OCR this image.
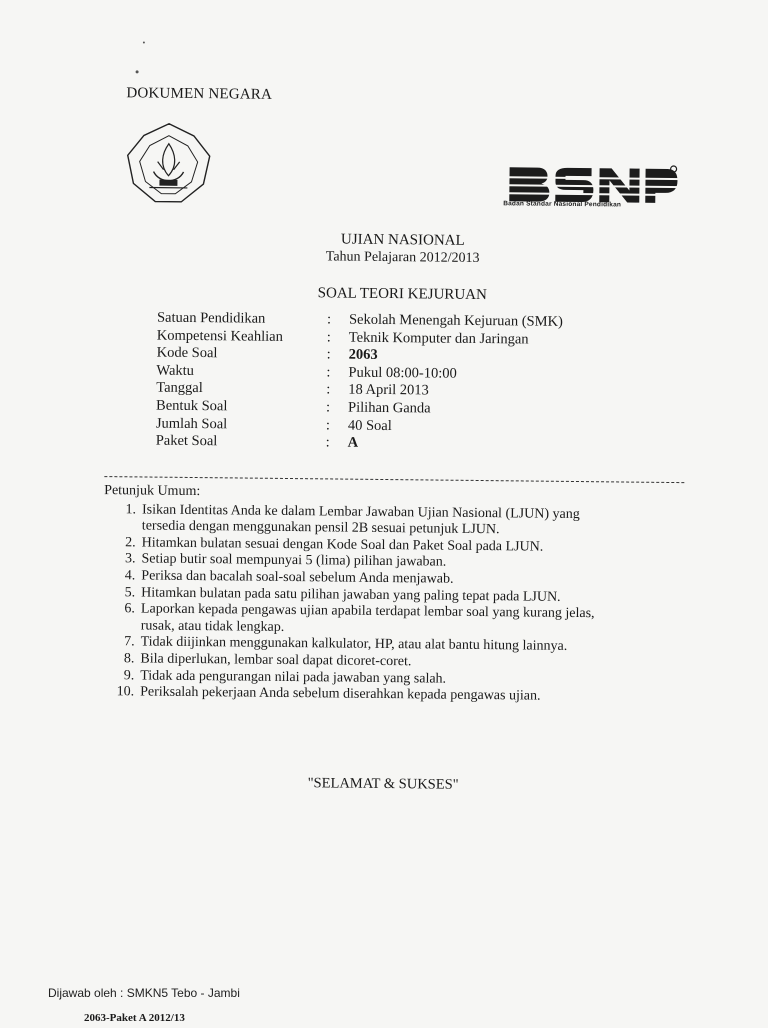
DOKUMEN NEGARA
Badan Standar Nasional Pendidikan
UJIAN NASIONAL
Tahun Pelajaran 2012/2013
SOAL TEORI KEJURUAN
Satuan Pendidikan	:	Sekolah Menengah Kejuruan (SMK)
Kompetensi Keahlian	:	Teknik Komputer dan Jaringan
Kode Soal	:	2063
Waktu	:	Pukul 08:00-10:00
Tanggal	:	18 April 2013
Bentuk Soal	:	Pilihan Ganda
Jumlah Soal	:	40 Soal
Paket Soal	:	A
Petunjuk Umum:
1. Isikan Identitas Anda ke dalam Lembar Jawaban Ujian Nasional (LJUN) yang
tersedia dengan menggunakan pensil 2B sesuai petunjuk LJUN.
2. Hitamkan bulatan sesuai dengan Kode Soal dan Paket Soal pada LJUN.
3. Setiap butir soal mempunyai 5 (lima) pilihan jawaban.
4. Periksa dan bacalah soal-soal sebelum Anda menjawab.
5. Hitamkan bulatan pada satu pilihan jawaban yang paling tepat pada LJUN.
6. Laporkan kepada pengawas ujian apabila terdapat lembar soal yang kurang jelas,
rusak, atau tidak lengkap.
7. Tidak diijinkan menggunakan kalkulator, HP, atau alat bantu hitung lainnya.
8. Bila diperlukan, lembar soal dapat dicoret-coret.
9. Tidak ada pengurangan nilai pada jawaban yang salah.
10. Periksalah pekerjaan Anda sebelum diserahkan kepada pengawas ujian.
"SELAMAT & SUKSES"
Dijawab oleh : SMKN5 Tebo - Jambi
2063-Paket A 2012/13
